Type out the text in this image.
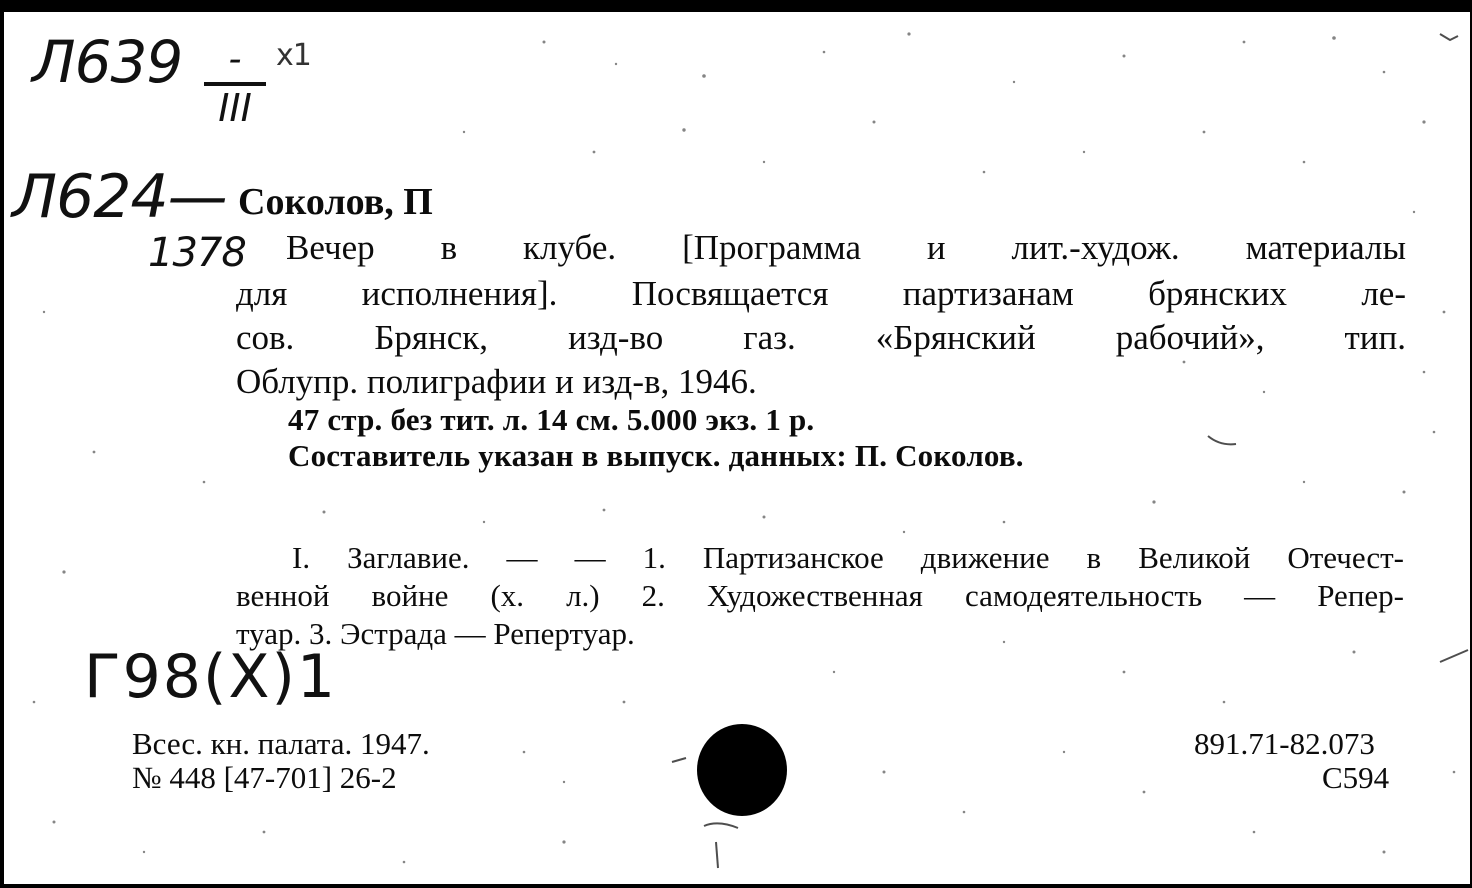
Л639	-
III
x1
Л624—
1378
Соколов, П
Вечер в клубе. [Программа и лит.-худож. материалы
для исполнения]. Посвящается партизанам брянских ле-
сов. Брянск, изд-во газ. «Брянский рабочий», тип.
Облупр. полиграфии и изд-в, 1946.
47 стр. без тит. л. 14 см. 5.000 экз. 1 р.
Составитель указан в выпуск. данных: П. Соколов.
I. Заглавие. — — 1. Партизанское движение в Великой Отечест-
венной войне (х. л.) 2. Художественная самодеятельность — Репер-
туар. 3. Эстрада — Репертуар.
Г98(Х)1
Всес. кн. палата. 1947.
№ 448 [47-701] 26-2
891.71-82.073
С594
